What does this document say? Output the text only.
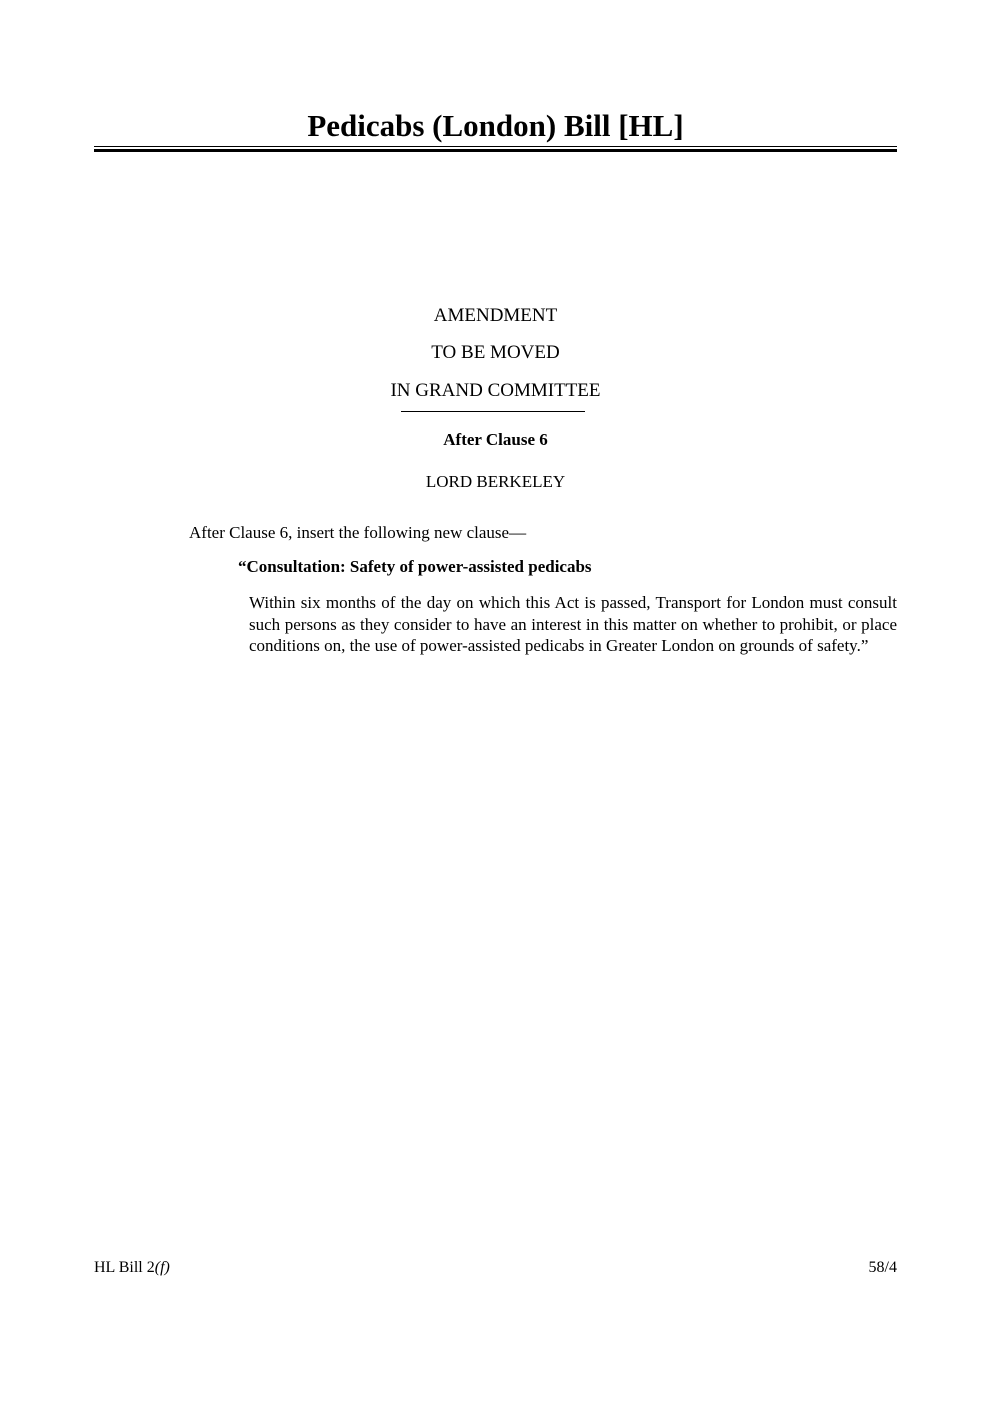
Pedicabs (London) Bill [HL]
AMENDMENT
TO BE MOVED
IN GRAND COMMITTEE
After Clause 6
LORD BERKELEY
After Clause 6, insert the following new clause—
“Consultation: Safety of power-assisted pedicabs
Within six months of the day on which this Act is passed, Transport for London must consult such persons as they consider to have an interest in this matter on whether to prohibit, or place conditions on, the use of power-assisted pedicabs in Greater London on grounds of safety.”
HL Bill 2(f)	58/4
